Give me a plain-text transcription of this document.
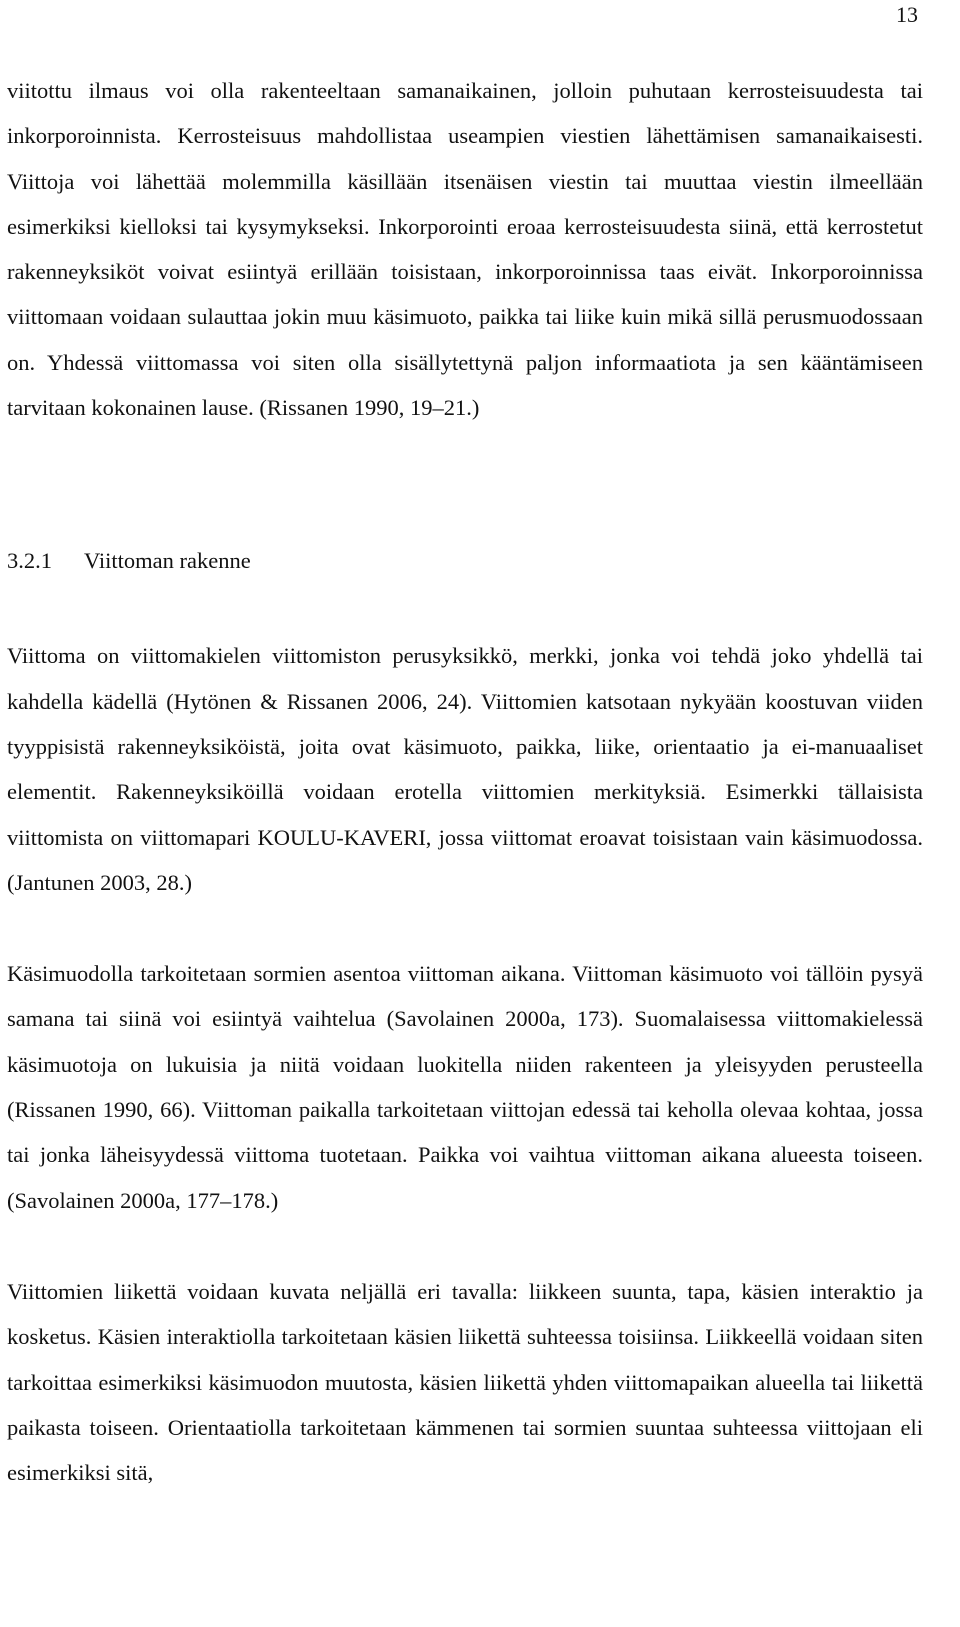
13

viitottu ilmaus voi olla rakenteeltaan samanaikainen, jolloin puhutaan kerrosteisuudesta tai inkorporoinnista. Kerrosteisuus mahdollistaa useampien viestien lähettämisen samanaikaisesti. Viittoja voi lähettää molemmilla käsillään itsenäisen viestin tai muuttaa viestin ilmeellään esimerkiksi kielloksi tai kysymykseksi. Inkorporointi eroaa kerrosteisuudesta siinä, että kerrostetut rakenneyksiköt voivat esiintyä erillään toisistaan, inkorporoinnissa taas eivät. Inkorporoinnissa viittomaan voidaan sulauttaa jokin muu käsimuoto, paikka tai liike kuin mikä sillä perusmuodossaan on. Yhdessä viittomassa voi siten olla sisällytettynä paljon informaatiota ja sen kääntämiseen tarvitaan kokonainen lause. (Rissanen 1990, 19–21.)

3.2.1 Viittoman rakenne

Viittoma on viittomakielen viittomiston perusyksikkö, merkki, jonka voi tehdä joko yhdellä tai kahdella kädellä (Hytönen & Rissanen 2006, 24). Viittomien katsotaan nykyään koostuvan viiden tyyppisistä rakenneyksiköistä, joita ovat käsimuoto, paikka, liike, orientaatio ja ei-manuaaliset elementit. Rakenneyksiköillä voidaan erotella viittomien merkityksiä. Esimerkki tällaisista viittomista on viittomapari KOULU-KAVERI, jossa viittomat eroavat toisistaan vain käsimuodossa. (Jantunen 2003, 28.)

Käsimuodolla tarkoitetaan sormien asentoa viittoman aikana. Viittoman käsimuoto voi tällöin pysyä samana tai siinä voi esiintyä vaihtelua (Savolainen 2000a, 173). Suomalaisessa viittomakielessä käsimuotoja on lukuisia ja niitä voidaan luokitella niiden rakenteen ja yleisyyden perusteella (Rissanen 1990, 66). Viittoman paikalla tarkoitetaan viittojan edessä tai keholla olevaa kohtaa, jossa tai jonka läheisyydessä viittoma tuotetaan. Paikka voi vaihtua viittoman aikana alueesta toiseen. (Savolainen 2000a, 177–178.)

Viittomien liikettä voidaan kuvata neljällä eri tavalla: liikkeen suunta, tapa, käsien interaktio ja kosketus. Käsien interaktiolla tarkoitetaan käsien liikettä suhteessa toisiinsa. Liikkeellä voidaan siten tarkoittaa esimerkiksi käsimuodon muutosta, käsien liikettä yhden viittomapaikan alueella tai liikettä paikasta toiseen. Orientaatiolla tarkoitetaan kämmenen tai sormien suuntaa suhteessa viittojaan eli esimerkiksi sitä,
